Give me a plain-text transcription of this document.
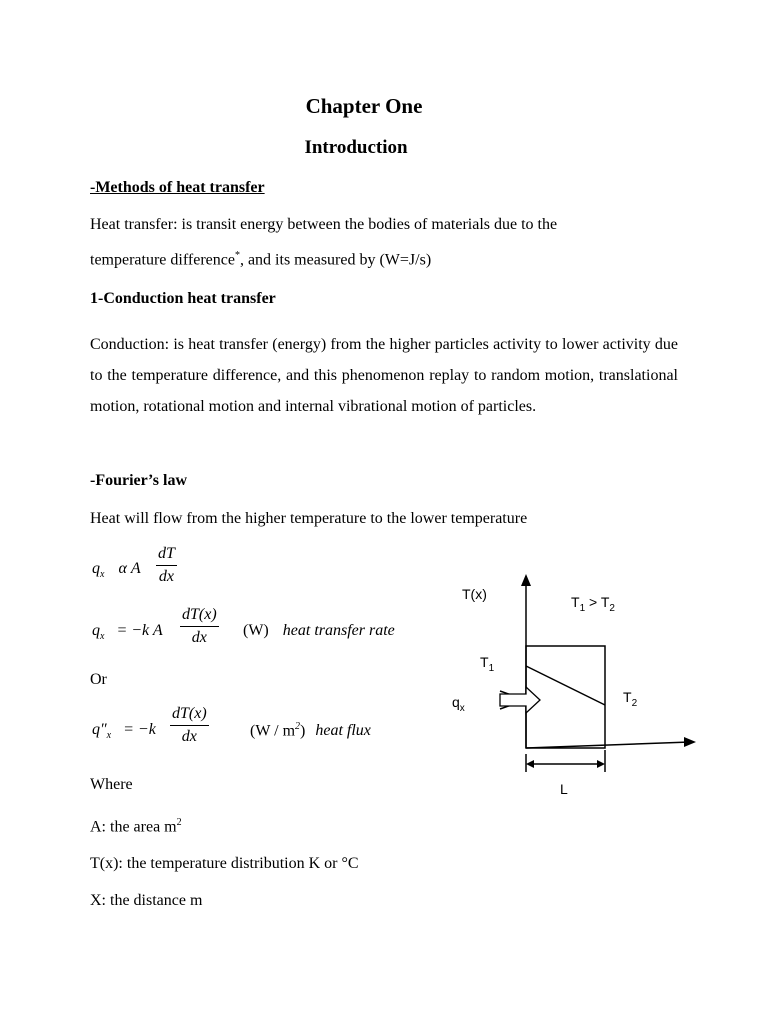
Chapter One
Introduction
-Methods of heat transfer
Heat transfer: is transit energy between the bodies of materials due to the
temperature difference*, and its measured by (W=J/s)
1-Conduction heat transfer
Conduction: is heat transfer (energy) from the higher particles activity to lower activity due to the temperature difference, and this phenomenon replay to random motion, translational motion, rotational motion and internal vibrational motion of particles.
-Fourier’s law
Heat will flow from the higher temperature to the lower temperature
$q_x$ α A $\frac{dT}{dx}$
$q_x = -k$ A $\frac{dT(x)}{dx} (W)$ heat transfer rate
Or
$q''_x = -k \frac{dT(x)}{dx}$	$(W / m^2)$ heat flux
Where
A: the area $m^2$
T(x): the temperature distribution K or °C
X: the distance m
T(x)	$T_1 > T_2$
$T_1$
$T_2$
$q_x$
L
